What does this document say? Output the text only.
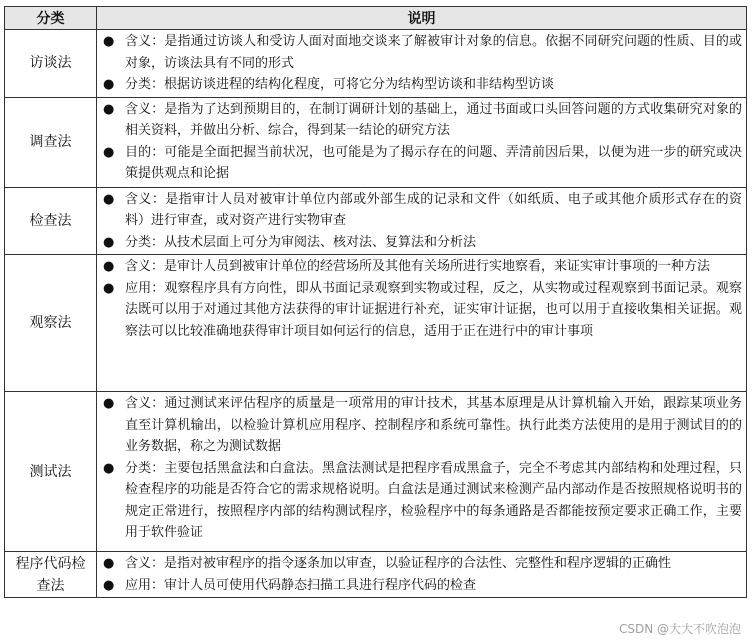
分类	说明
访谈法	● 含义：是指通过访谈人和受访人面对面地交谈来了解被审计对象的信息。依据不同研究问题的性质、目的或对象，访谈法具有不同的形式
● 分类：根据访谈进程的结构化程度，可将它分为结构型访谈和非结构型访谈

调查法	● 含义：是指为了达到预期目的，在制订调研计划的基础上，通过书面或口头回答问题的方式收集研究对象的相关资料，并做出分析、综合，得到某一结论的研究方法
● 目的：可能是全面把握当前状况，也可能是为了揭示存在的问题、弄清前因后果，以便为进一步的研究或决策提供观点和论据

检查法	● 含义：是指审计人员对被审计单位内部或外部生成的记录和文件（如纸质、电子或其他介质形式存在的资料）进行审查，或对资产进行实物审查
● 分类：从技术层面上可分为审阅法、核对法、复算法和分析法

观察法	● 含义：是审计人员到被审计单位的经营场所及其他有关场所进行实地察看，来证实审计事项的一种方法
● 应用：观察程序具有方向性，即从书面记录观察到实物或过程，反之，从实物或过程观察到书面记录。观察法既可以用于对通过其他方法获得的审计证据进行补充，证实审计证据，也可以用于直接收集相关证据。观察法可以比较准确地获得审计项目如何运行的信息，适用于正在进行中的审计事项

测试法	● 含义：通过测试来评估程序的质量是一项常用的审计技术，其基本原理是从计算机输入开始，跟踪某项业务直至计算机输出，以检验计算机应用程序、控制程序和系统可靠性。执行此类方法使用的是用于测试目的的业务数据，称之为测试数据
● 分类：主要包括黑盒法和白盒法。黑盒法测试是把程序看成黑盒子，完全不考虑其内部结构和处理过程，只检查程序的功能是否符合它的需求规格说明。白盒法是通过测试来检测产品内部动作是否按照规格说明书的规定正常进行，按照程序内部的结构测试程序，检验程序中的每条通路是否都能按预定要求正确工作，主要用于软件验证

程序代码检查法	● 含义：是指对被审程序的指令逐条加以审查，以验证程序的合法性、完整性和程序逻辑的正确性
● 应用：审计人员可使用代码静态扫描工具进行程序代码的检查
CSDN @大大不吹泡泡
